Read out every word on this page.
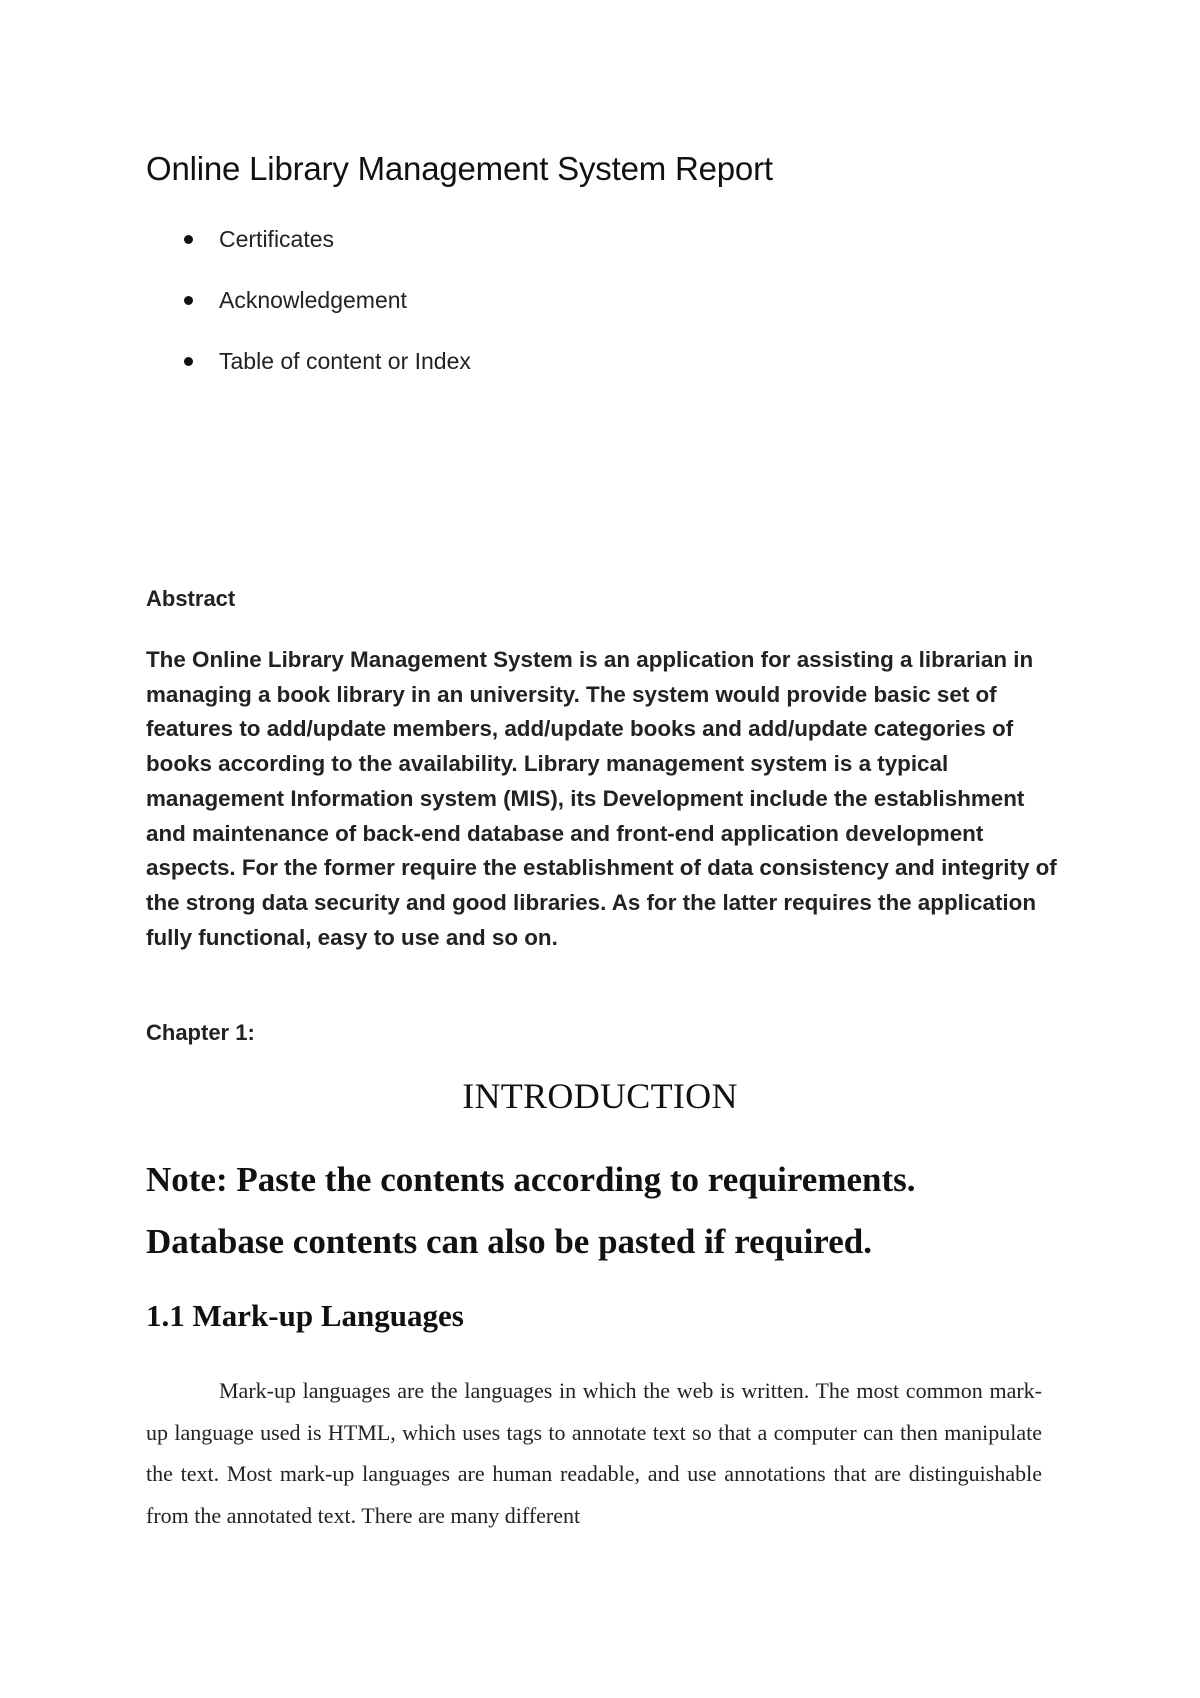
Online Library Management System Report
Certificates
Acknowledgement
Table of content or Index
Abstract

The Online Library Management System is an application for assisting a librarian in managing a book library in an university. The system would provide basic set of features to add/update members, add/update books and add/update categories of books according to the availability. Library management system is a typical management Information system (MIS), its Development include the establishment and maintenance of back-end database and front-end application development aspects. For the former require the establishment of data consistency and integrity of the strong data security and good libraries. As for the latter requires the application fully functional, easy to use and so on.

Chapter 1:

INTRODUCTION

Note: Paste the contents according to requirements.

Database contents can also be pasted if required.

1.1 Mark-up Languages

Mark-up languages are the languages in which the web is written. The most common mark-up language used is HTML, which uses tags to annotate text so that a computer can then manipulate the text. Most mark-up languages are human readable, and use annotations that are distinguishable from the annotated text. There are many different
